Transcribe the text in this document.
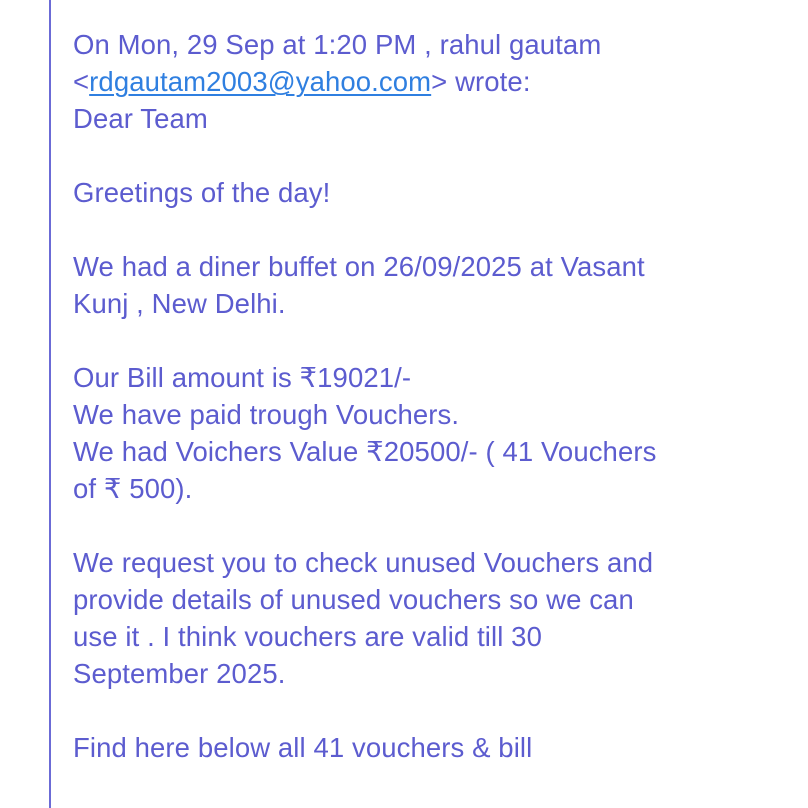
On Mon, 29 Sep at 1:20 PM , rahul gautam
<rdgautam2003@yahoo.com> wrote:
Dear Team
Greetings of the day!
We had a diner buffet on 26/09/2025 at Vasant
Kunj , New Delhi.
Our Bill amount is ₹19021/-
We have paid trough Vouchers.
We had Voichers Value ₹20500/- ( 41 Vouchers
of ₹ 500).
We request you to check unused Vouchers and
provide details of unused vouchers so we can
use it . I think vouchers are valid till 30
September 2025.
Find here below all 41 vouchers & bill
